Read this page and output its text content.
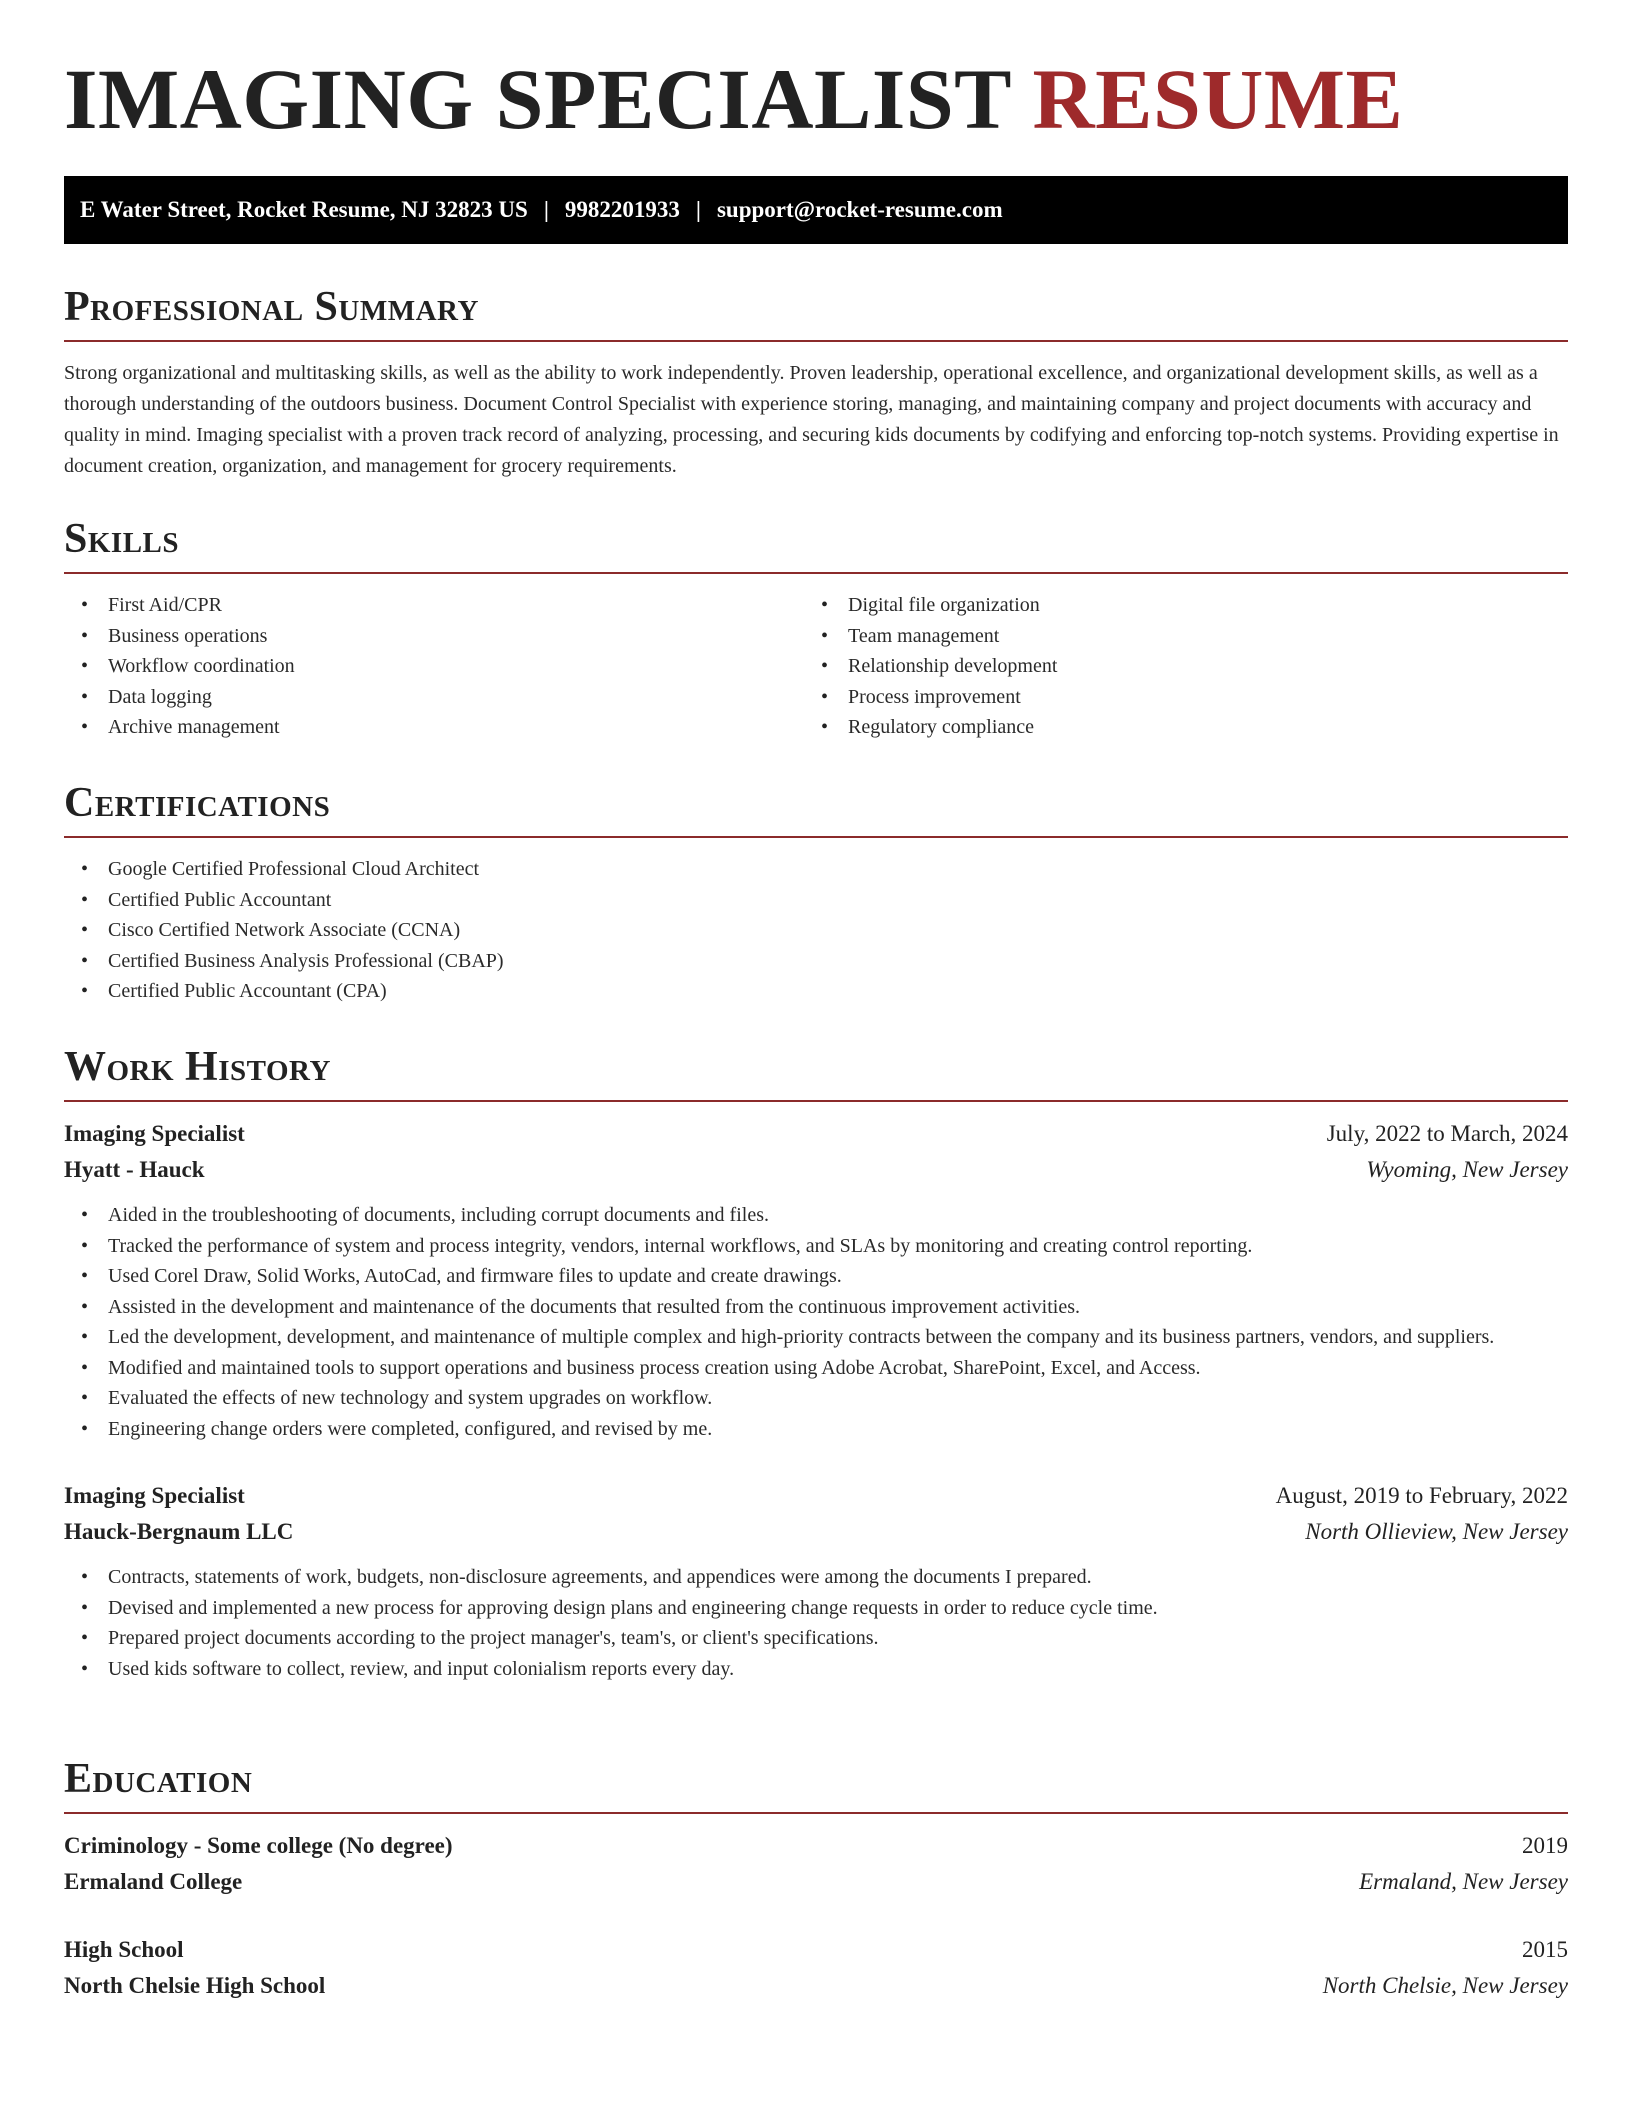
IMAGING SPECIALIST RESUME
E Water Street, Rocket Resume, NJ 32823 US | 9982201933 | support@rocket-resume.com
Professional Summary

Strong organizational and multitasking skills, as well as the ability to work independently. Proven leadership, operational excellence, and organizational development skills, as well as a thorough understanding of the outdoors business. Document Control Specialist with experience storing, managing, and maintaining company and project documents with accuracy and quality in mind. Imaging specialist with a proven track record of analyzing, processing, and securing kids documents by codifying and enforcing top-notch systems. Providing expertise in document creation, organization, and management for grocery requirements.

Skills
• First Aid/CPR
• Business operations
• Workflow coordination
• Data logging
• Archive management
• Digital file organization
• Team management
• Relationship development
• Process improvement
• Regulatory compliance
Certifications
• Google Certified Professional Cloud Architect
• Certified Public Accountant
• Cisco Certified Network Associate (CCNA)
• Certified Business Analysis Professional (CBAP)
• Certified Public Accountant (CPA)
Work History
Imaging Specialist	July, 2022 to March, 2024
Hyatt - Hauck	Wyoming, New Jersey
• Aided in the troubleshooting of documents, including corrupt documents and files.
• Tracked the performance of system and process integrity, vendors, internal workflows, and SLAs by monitoring and creating control reporting.
• Used Corel Draw, Solid Works, AutoCad, and firmware files to update and create drawings.
• Assisted in the development and maintenance of the documents that resulted from the continuous improvement activities.
• Led the development, development, and maintenance of multiple complex and high-priority contracts between the company and its business partners, vendors, and suppliers.
• Modified and maintained tools to support operations and business process creation using Adobe Acrobat, SharePoint, Excel, and Access.
• Evaluated the effects of new technology and system upgrades on workflow.
• Engineering change orders were completed, configured, and revised by me.
Imaging Specialist	August, 2019 to February, 2022
Hauck-Bergnaum LLC	North Ollieview, New Jersey
• Contracts, statements of work, budgets, non-disclosure agreements, and appendices were among the documents I prepared.
• Devised and implemented a new process for approving design plans and engineering change requests in order to reduce cycle time.
• Prepared project documents according to the project manager's, team's, or client's specifications.
• Used kids software to collect, review, and input colonialism reports every day.
Education
Criminology - Some college (No degree)	2019
Ermaland College	Ermaland, New Jersey
High School	2015
North Chelsie High School	North Chelsie, New Jersey
